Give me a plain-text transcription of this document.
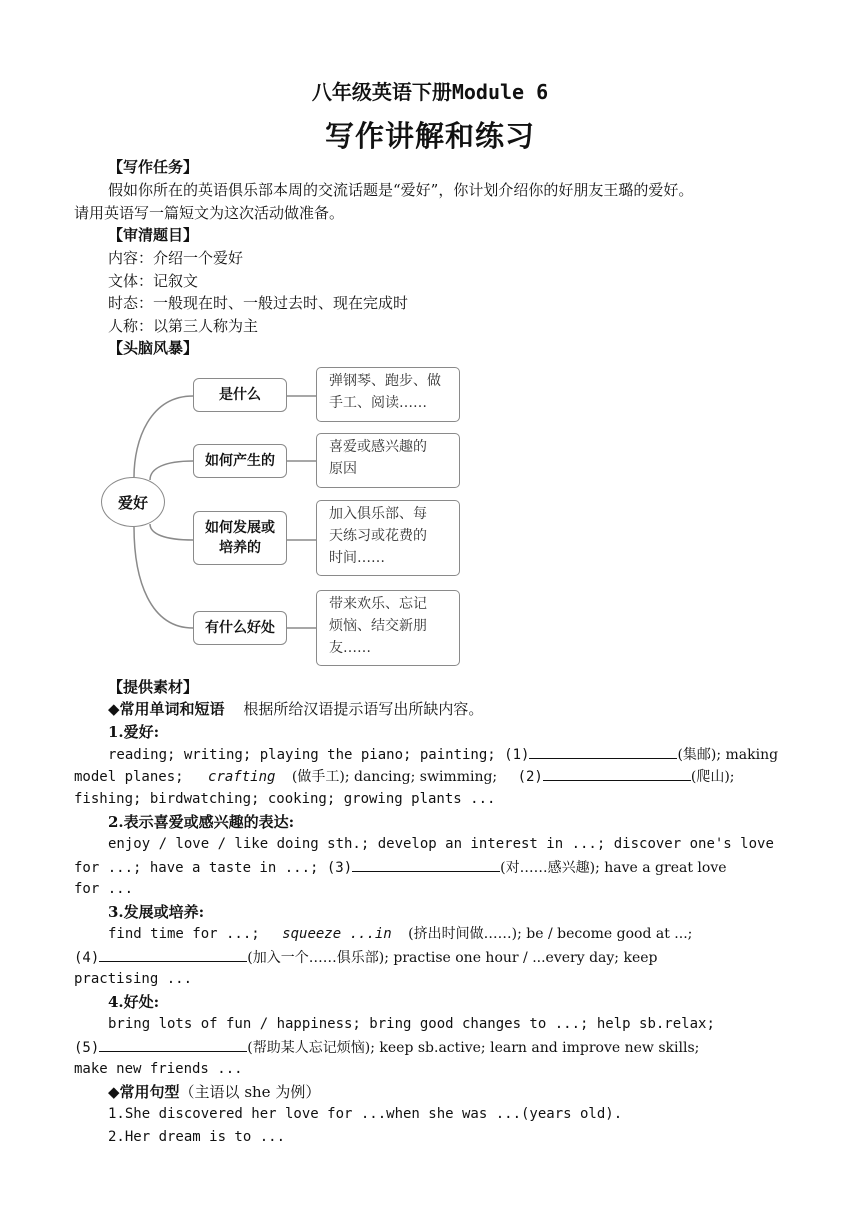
八年级英语下册Module 6
写作讲解和练习
【写作任务】
假如你所在的英语俱乐部本周的交流话题是“爱好”，你计划介绍你的好朋友王璐的爱好。
请用英语写一篇短文为这次活动做准备。
【审清题目】
内容：介绍一个爱好
文体：记叙文
时态：一般现在时、一般过去时、现在完成时
人称：以第三人称为主
【头脑风暴】
爱好
是什么
如何产生的
如何发展或
培养的
有什么好处
弹钢琴、跑步、做
手工、阅读……
喜爱或感兴趣的
原因
加入俱乐部、每
天练习或花费的
时间……
带来欢乐、忘记
烦恼、结交新朋
友……
【提供素材】
◆常用单词和短语 根据所给汉语提示语写出所缺内容。
1.爱好:
reading; writing; playing the piano; painting; (1)	(集邮); making
model planes; crafting (做手工); dancing; swimming; (2)	(爬山);
fishing; birdwatching; cooking; growing plants ...
2.表示喜爱或感兴趣的表达:
enjoy / love / like doing sth.; develop an interest in ...; discover one's love
for ...; have a taste in ...; (3)	(对……感兴趣); have a great love
for ...
3.发展或培养:
find time for ...; squeeze ...in (挤出时间做……); be / become good at ...;
(4)	(加入一个……俱乐部); practise one hour / ...every day; keep
practising ...
4.好处:
bring lots of fun / happiness; bring good changes to ...; help sb.relax;
(5)	(帮助某人忘记烦恼); keep sb.active; learn and improve new skills;
make new friends ...
◆常用句型（主语以 she 为例）
1.She discovered her love for ...when she was ...(years old).
2.Her dream is to ...
